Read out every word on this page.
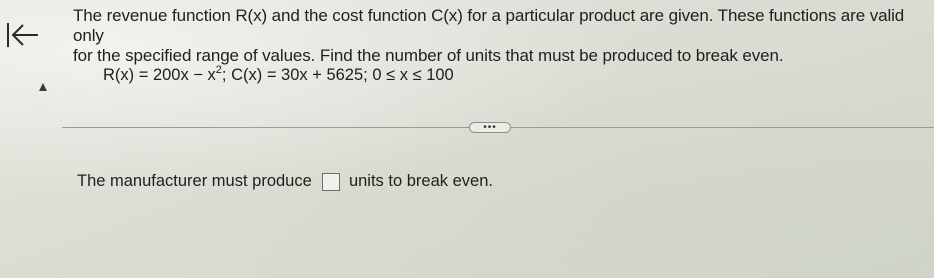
The revenue function R(x) and the cost function C(x) for a particular product are given. These functions are valid only
for the specified range of values. Find the number of units that must be produced to break even.
$R(x) = 200x - x^2$; C(x) = 30x + 5625; 0 ≤ x ≤ 100
•••
The manufacturer must produce units to break even.
